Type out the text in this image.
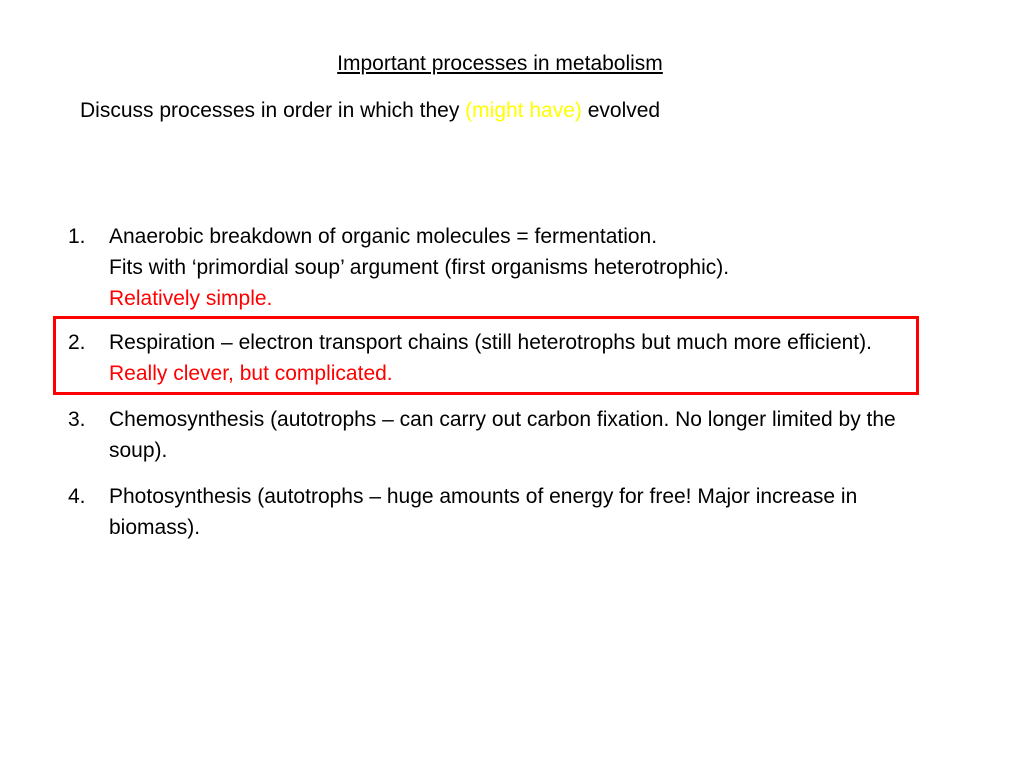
Important processes in metabolism
Discuss processes in order in which they (might have) evolved
1.	Anaerobic breakdown of organic molecules = fermentation.
Fits with ‘primordial soup’ argument (first organisms heterotrophic).
Relatively simple.
2.	Respiration – electron transport chains (still heterotrophs but much more efficient).   Really clever, but complicated.
3.	Chemosynthesis (autotrophs – can carry out carbon fixation. No longer limited by the soup).
4.	Photosynthesis (autotrophs – huge amounts of energy for free! Major increase in biomass).
